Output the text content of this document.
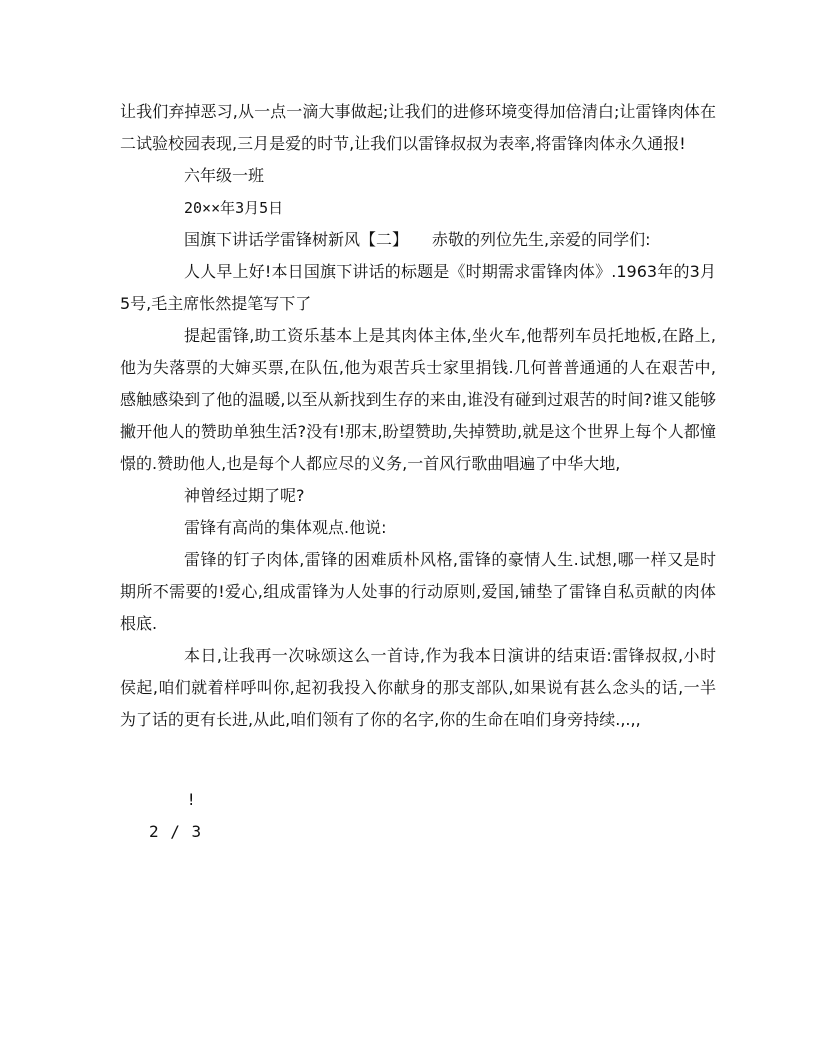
让我们弃掉恶习,从一点一滴大事做起;让我们的进修环境变得加倍清白;让雷锋肉体在二试验校园表现,三月是爱的时节,让我们以雷锋叔叔为表率,将雷锋肉体永久通报!

六年级一班

20××年3月5日

国旗下讲话学雷锋树新风【二】　　赤敬的列位先生,亲爱的同学们:

人人早上好!本日国旗下讲话的标题是《时期需求雷锋肉体》.1963年的3月5号,毛主席怅然提笔写下了

提起雷锋,助工资乐基本上是其肉体主体,坐火车,他帮列车员托地板,在路上,他为失落票的大婶买票,在队伍,他为艰苦兵士家里捐钱.几何普普通通的人在艰苦中,感触感染到了他的温暖,以至从新找到生存的来由,谁没有碰到过艰苦的时间?谁又能够撇开他人的赞助单独生活?没有!那末,盼望赞助,失掉赞助,就是这个世界上每个人都憧憬的.赞助他人,也是每个人都应尽的义务,一首风行歌曲唱遍了中华大地,

神曾经过期了呢?

雷锋有高尚的集体观点.他说:

雷锋的钉子肉体,雷锋的困难质朴风格,雷锋的豪情人生.试想,哪一样又是时期所不需要的!爱心,组成雷锋为人处事的行动原则,爱国,铺垫了雷锋自私贡献的肉体根底.

本日,让我再一次咏颂这么一首诗,作为我本日演讲的结束语:雷锋叔叔,小时侯起,咱们就着样呼叫你,起初我投入你献身的那支部队,如果说有甚么念头的话,一半为了话的更有长进,从此,咱们领有了你的名字,你的生命在咱们身旁持续.,.,,

!
2 / 3
